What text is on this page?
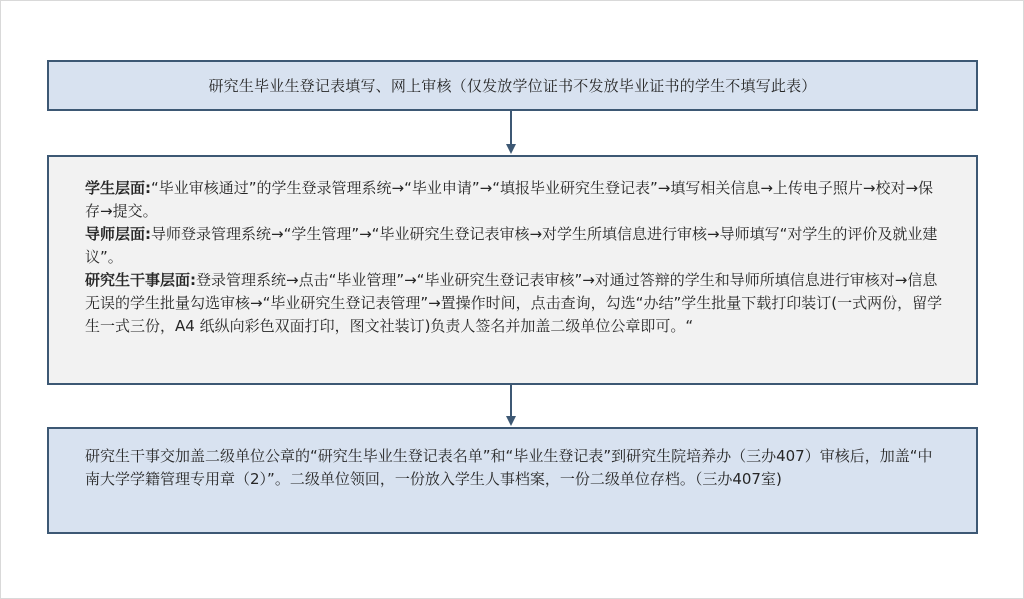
研究生毕业生登记表填写、网上审核（仅发放学位证书不发放毕业证书的学生不填写此表）

学生层面:“毕业审核通过”的学生登录管理系统→“毕业申请”→“填报毕业研究生登记表”→填写相关信息→上传电子照片→校对→保存→提交。

导师层面:导师登录管理系统→“学生管理”→“毕业研究生登记表审核→对学生所填信息进行审核→导师填写“对学生的评价及就业建议”。

研究生干事层面:登录管理系统→点击“毕业管理”→“毕业研究生登记表审核”→对通过答辩的学生和导师所填信息进行审核对→信息无误的学生批量勾选审核→“毕业研究生登记表管理”→置操作时间，点击查询，勾选“办结”学生批量下载打印装订(一式两份，留学生一式三份，A4 纸纵向彩色双面打印，图文社装订)负责人签名并加盖二级单位公章即可。“

研究生干事交加盖二级单位公章的“研究生毕业生登记表名单”和“毕业生登记表”到研究生院培养办（三办407）审核后，加盖“中南大学学籍管理专用章（2）”。二级单位领回，一份放入学生人事档案，一份二级单位存档。（三办407室)
